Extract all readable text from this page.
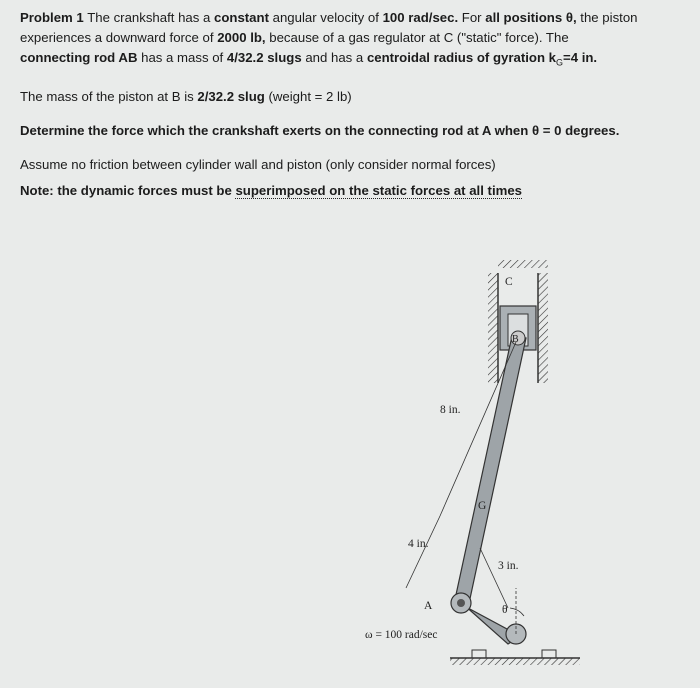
Problem 1 The crankshaft has a constant angular velocity of 100 rad/sec. For all positions θ, the piston
experiences a downward force of 2000 lb, because of a gas regulator at C ("static" force). The
connecting rod AB has a mass of 4/32.2 slugs and has a centroidal radius of gyration $k_G=4$ in.

The mass of the piston at B is 2/32.2 slug (weight = 2 lb)

Determine the force which the crankshaft exerts on the connecting rod at A when θ = 0 degrees.

Assume no friction between cylinder wall and piston (only consider normal forces)

Note: the dynamic forces must be superimposed on the static forces at all times

C
B
8 in.
G
4 in.
3 in.
A	θ
ω = 100 rad/sec
